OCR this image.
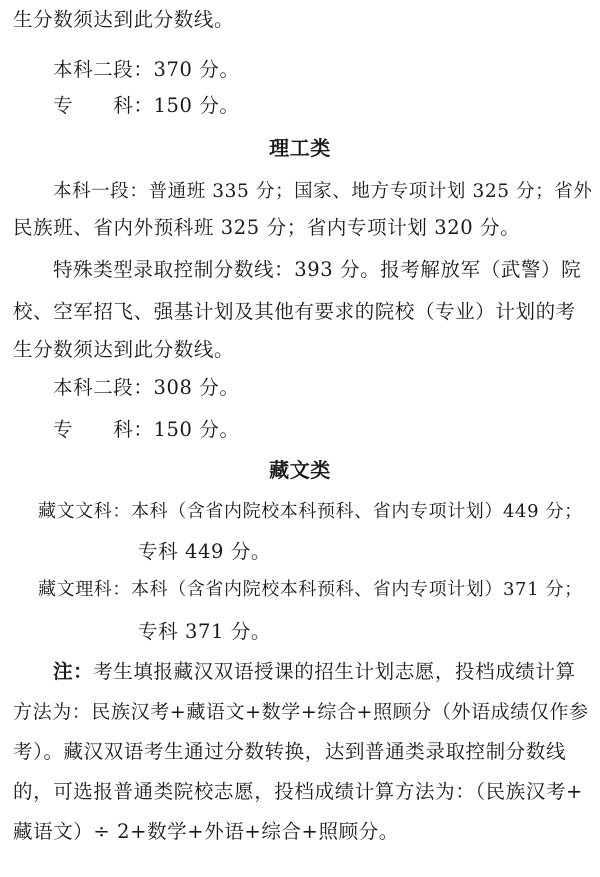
生分数须达到此分数线。
本科二段：370 分。
专　　科：150 分。
理工类
本科一段：普通班 335 分；国家、地方专项计划 325 分；省外
民族班、省内外预科班 325 分；省内专项计划 320 分。
特殊类型录取控制分数线：393 分。报考解放军（武警）院
校、空军招飞、强基计划及其他有要求的院校（专业）计划的考
生分数须达到此分数线。
本科二段：308 分。
专　　科：150 分。
藏文类
藏文文科：本科（含省内院校本科预科、省内专项计划）449 分；
专科 449 分。
藏文理科：本科（含省内院校本科预科、省内专项计划）371 分；
专科 371 分。
注：考生填报藏汉双语授课的招生计划志愿，投档成绩计算
方法为：民族汉考+藏语文+数学+综合+照顾分（外语成绩仅作参
考）。藏汉双语考生通过分数转换，达到普通类录取控制分数线
的，可选报普通类院校志愿，投档成绩计算方法为：（民族汉考+
藏语文）÷ 2+数学+外语+综合+照顾分。
